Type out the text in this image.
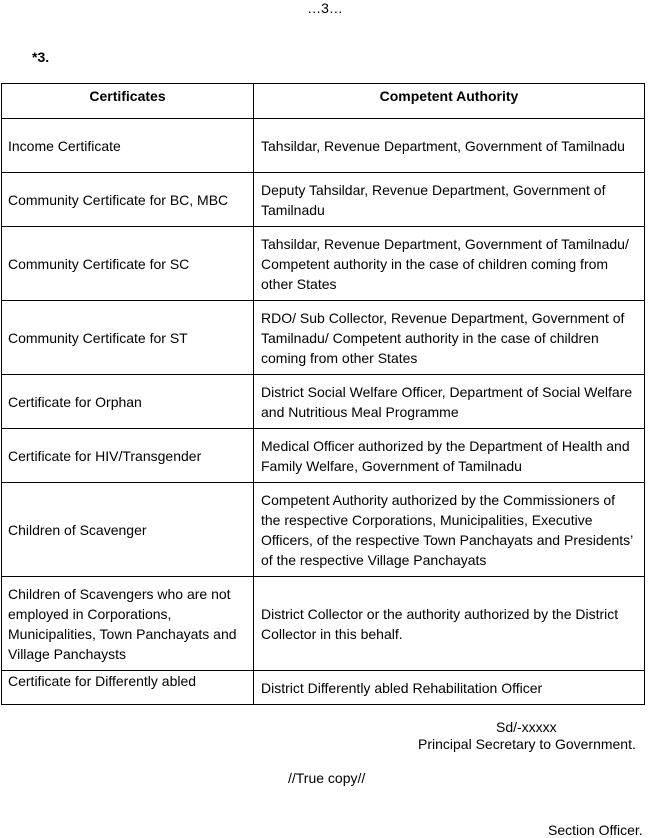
…3…
*3.
Certificates	Competent Authority
Income Certificate	Tahsildar, Revenue Department, Government of Tamilnadu
Community Certificate for BC, MBC	Deputy Tahsildar, Revenue Department, Government of Tamilnadu
Community Certificate for SC	Tahsildar, Revenue Department, Government of Tamilnadu/ Competent authority in the case of children coming from other States
Community Certificate for ST	RDO/ Sub Collector, Revenue Department, Government of Tamilnadu/ Competent authority in the case of children coming from other States
Certificate for Orphan	District Social Welfare Officer, Department of Social Welfare and Nutritious Meal Programme
Certificate for HIV/Transgender	Medical Officer authorized by the Department of Health and Family Welfare, Government of Tamilnadu
Children of Scavenger	Competent Authority authorized by the Commissioners of the respective Corporations, Municipalities, Executive Officers, of the respective Town Panchayats and Presidents’ of the respective Village Panchayats
Children of Scavengers who are not employed in Corporations, Municipalities, Town Panchayats and Village Panchaysts	District Collector or the authority authorized by the District Collector in this behalf.
Certificate for Differently abled	District Differently abled Rehabilitation Officer
Sd/-xxxxx
Principal Secretary to Government.
//True copy//
Section Officer.
